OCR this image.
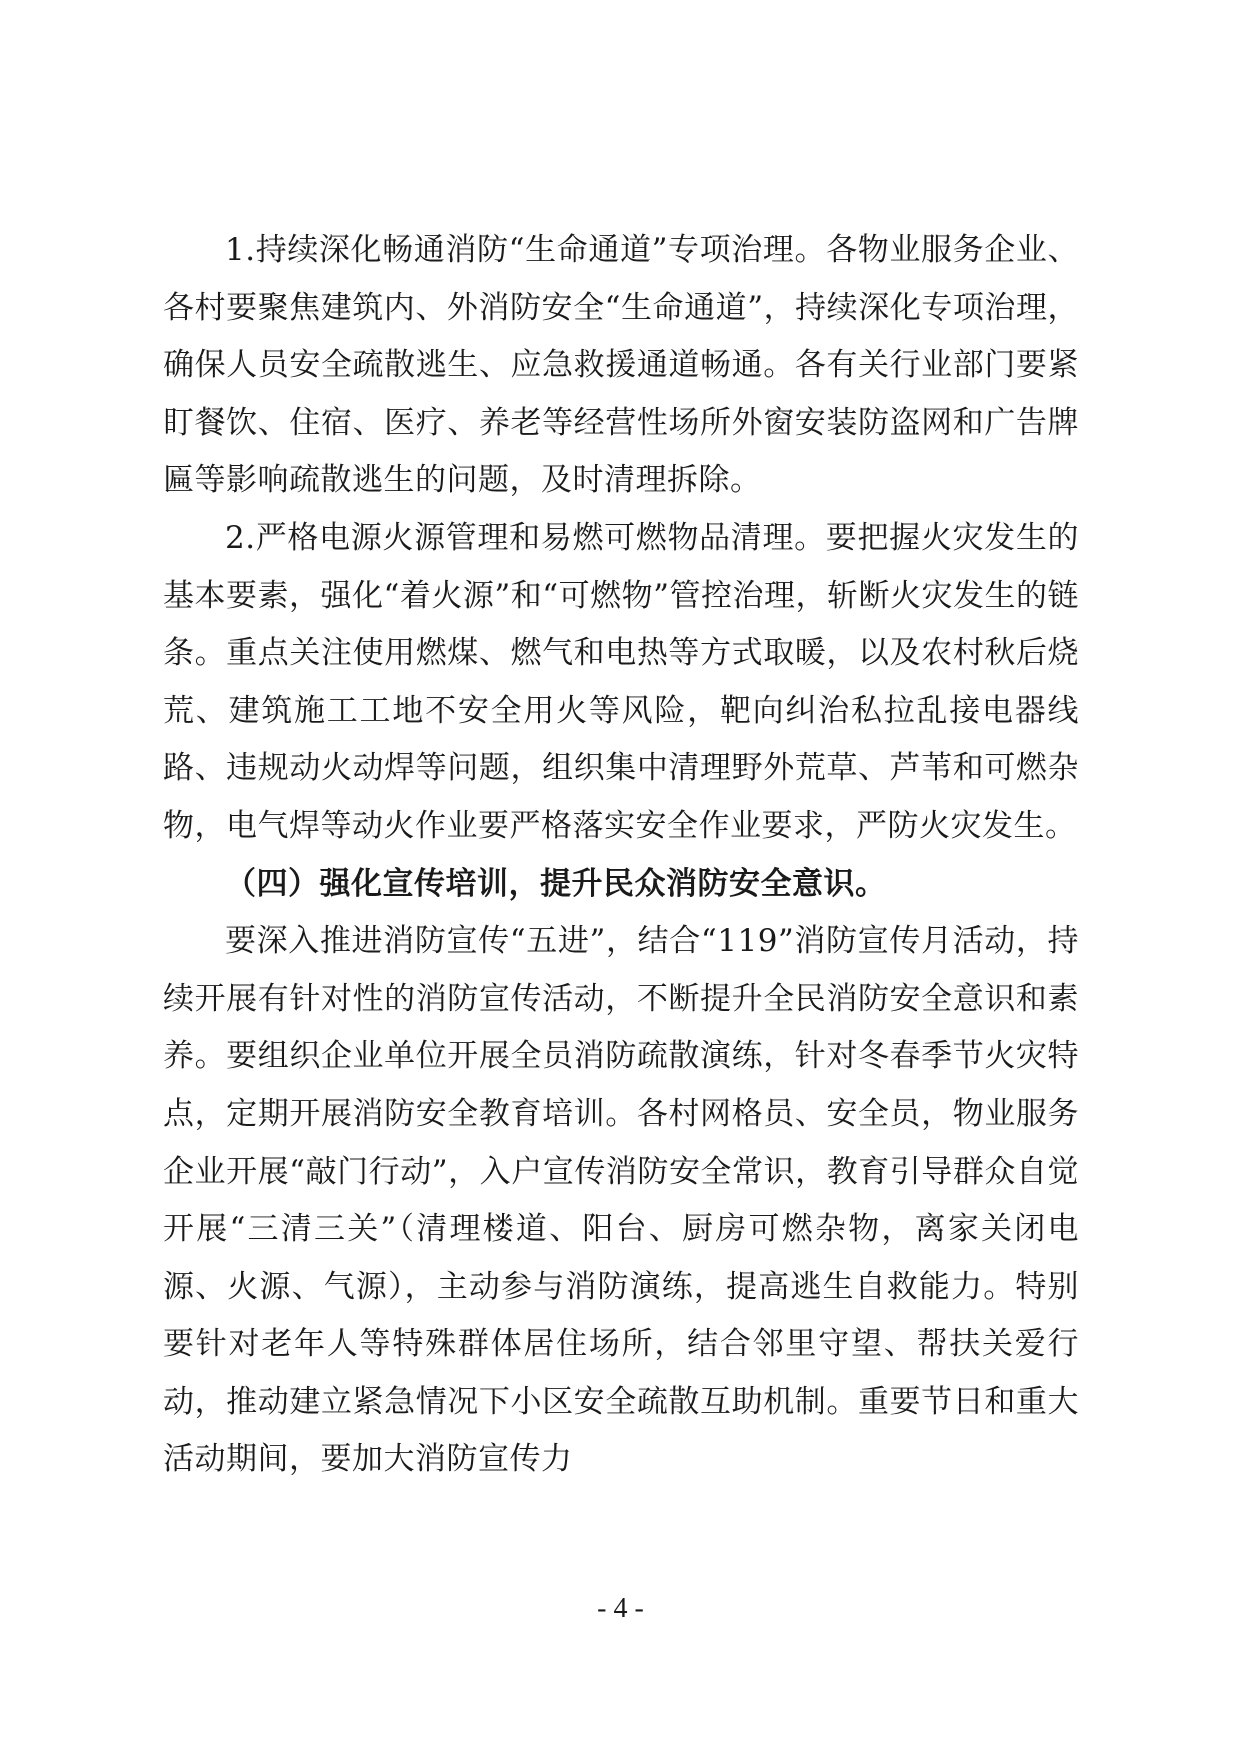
1.持续深化畅通消防“生命通道”专项治理。各物业服务企业、各村要聚焦建筑内、外消防安全“生命通道”，持续深化专项治理，确保人员安全疏散逃生、应急救援通道畅通。各有关行业部门要紧盯餐饮、住宿、医疗、养老等经营性场所外窗安装防盗网和广告牌匾等影响疏散逃生的问题，及时清理拆除。

2.严格电源火源管理和易燃可燃物品清理。要把握火灾发生的基本要素，强化“着火源”和“可燃物”管控治理，斩断火灾发生的链条。重点关注使用燃煤、燃气和电热等方式取暖，以及农村秋后烧荒、建筑施工工地不安全用火等风险，靶向纠治私拉乱接电器线路、违规动火动焊等问题，组织集中清理野外荒草、芦苇和可燃杂物，电气焊等动火作业要严格落实安全作业要求，严防火灾发生。

（四）强化宣传培训，提升民众消防安全意识。

要深入推进消防宣传“五进”，结合“119”消防宣传月活动，持续开展有针对性的消防宣传活动，不断提升全民消防安全意识和素养。要组织企业单位开展全员消防疏散演练，针对冬春季节火灾特点，定期开展消防安全教育培训。各村网格员、安全员，物业服务企业开展“敲门行动”，入户宣传消防安全常识，教育引导群众自觉开展“三清三关”（清理楼道、阳台、厨房可燃杂物，离家关闭电源、火源、气源），主动参与消防演练，提高逃生自救能力。特别要针对老年人等特殊群体居住场所，结合邻里守望、帮扶关爱行动，推动建立紧急情况下小区安全疏散互助机制。重要节日和重大活动期间，要加大消防宣传力

- 4 -
